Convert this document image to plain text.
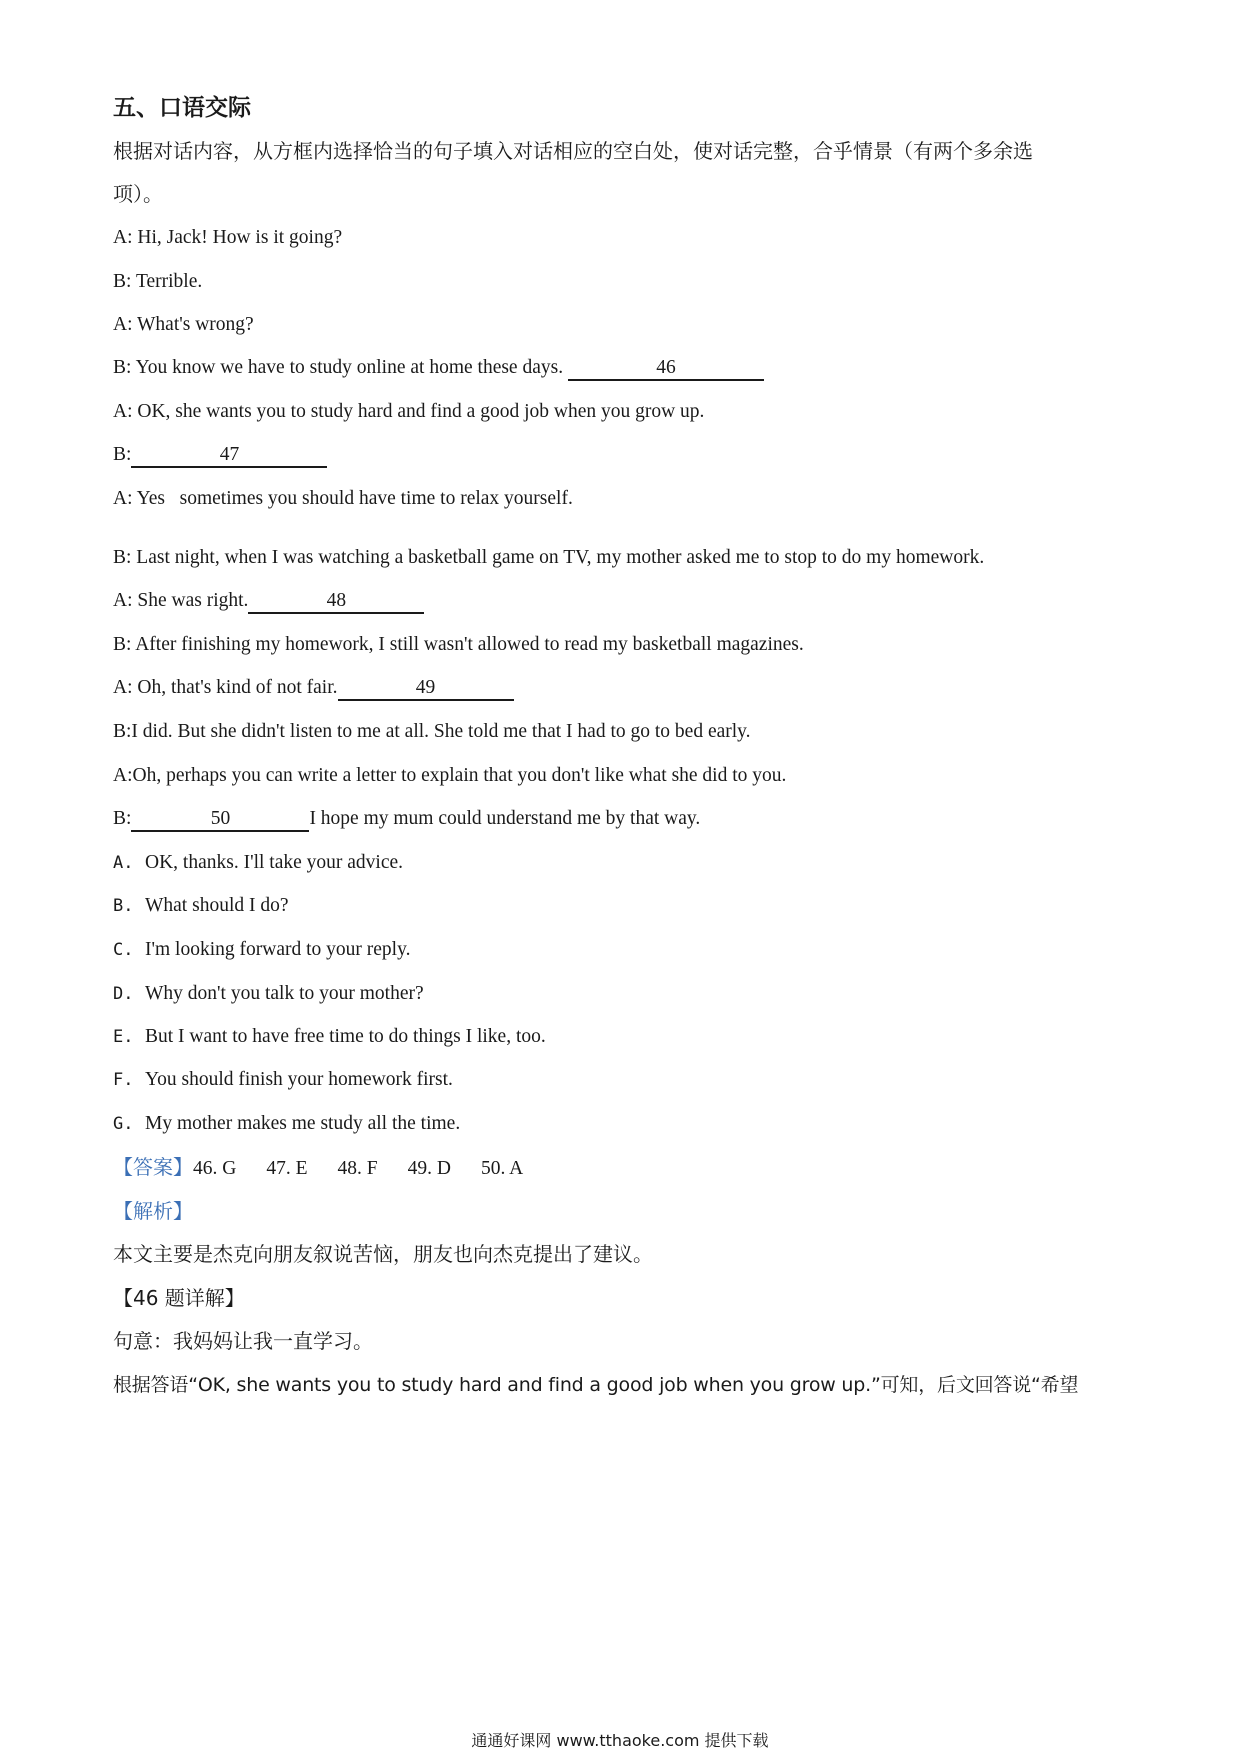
五、口语交际
根据对话内容，从方框内选择恰当的句子填入对话相应的空白处，使对话完整，合乎情景（有两个多余选
项）。
A: Hi, Jack! How is it going?
B: Terrible.
A: What's wrong?
B: You know we have to study online at home these days.	46
A: OK, she wants you to study hard and find a good job when you grow up.
B:	47
A: Yes   sometimes you should have time to relax yourself.
B: Last night, when I was watching a basketball game on TV, my mother asked me to stop to do my homework.
A: She was right.	48
B: After finishing my homework, I still wasn't allowed to read my basketball magazines.
A: Oh, that's kind of not fair.	49
B:I did. But she didn't listen to me at all. She told me that I had to go to bed early.
A:Oh, perhaps you can write a letter to explain that you don't like what she did to you.
B:	50	I hope my mum could understand me by that way.
A. OK, thanks. I'll take your advice.
B. What should I do?
C. I'm looking forward to your reply.
D. Why don't you talk to your mother?
E. But I want to have free time to do things I like, too.
F. You should finish your homework first.
G. My mother makes me study all the time.
【答案】46. G 47. E 48. F 49. D 50. A
【解析】
本文主要是杰克向朋友叙说苦恼，朋友也向杰克提出了建议。
【46 题详解】
句意：我妈妈让我一直学习。
根据答语“OK, she wants you to study hard and find a good job when you grow up.”可知，后文回答说“希望
通通好课网 www.tthaoke.com 提供下载
